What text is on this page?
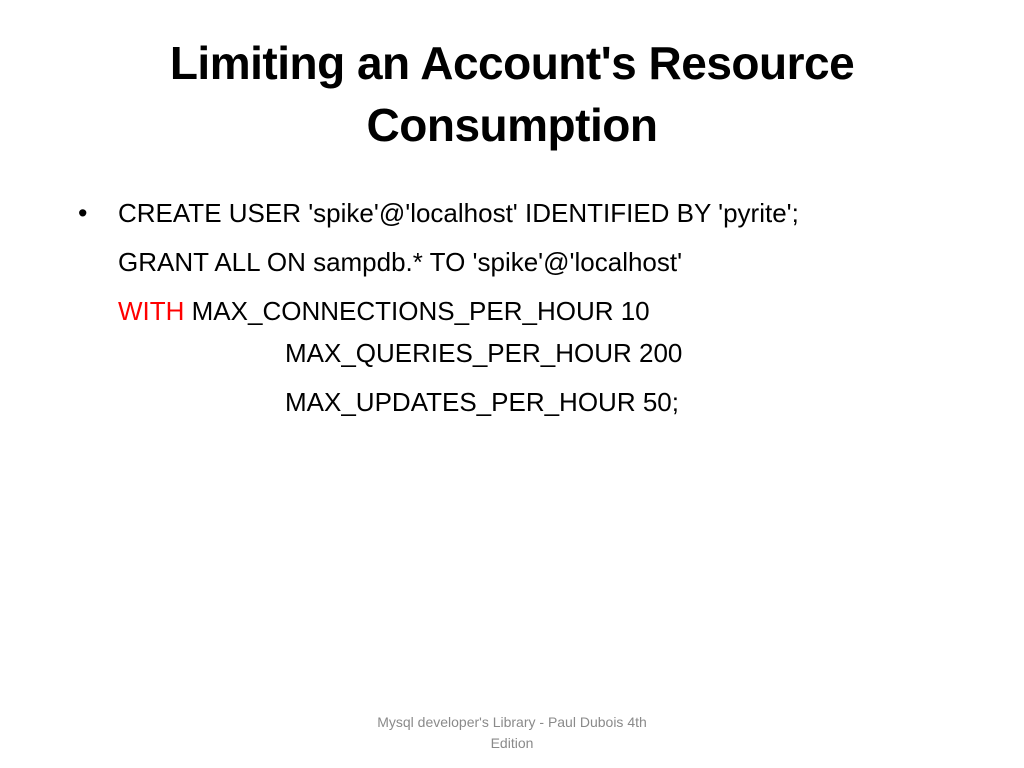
Limiting an Account's Resource
Consumption
• CREATE USER 'spike'@'localhost' IDENTIFIED BY 'pyrite';
GRANT ALL ON sampdb.* TO 'spike'@'localhost'
WITH MAX_CONNECTIONS_PER_HOUR 10
MAX_QUERIES_PER_HOUR 200
MAX_UPDATES_PER_HOUR 50;
Mysql developer's Library - Paul Dubois 4th
Edition
